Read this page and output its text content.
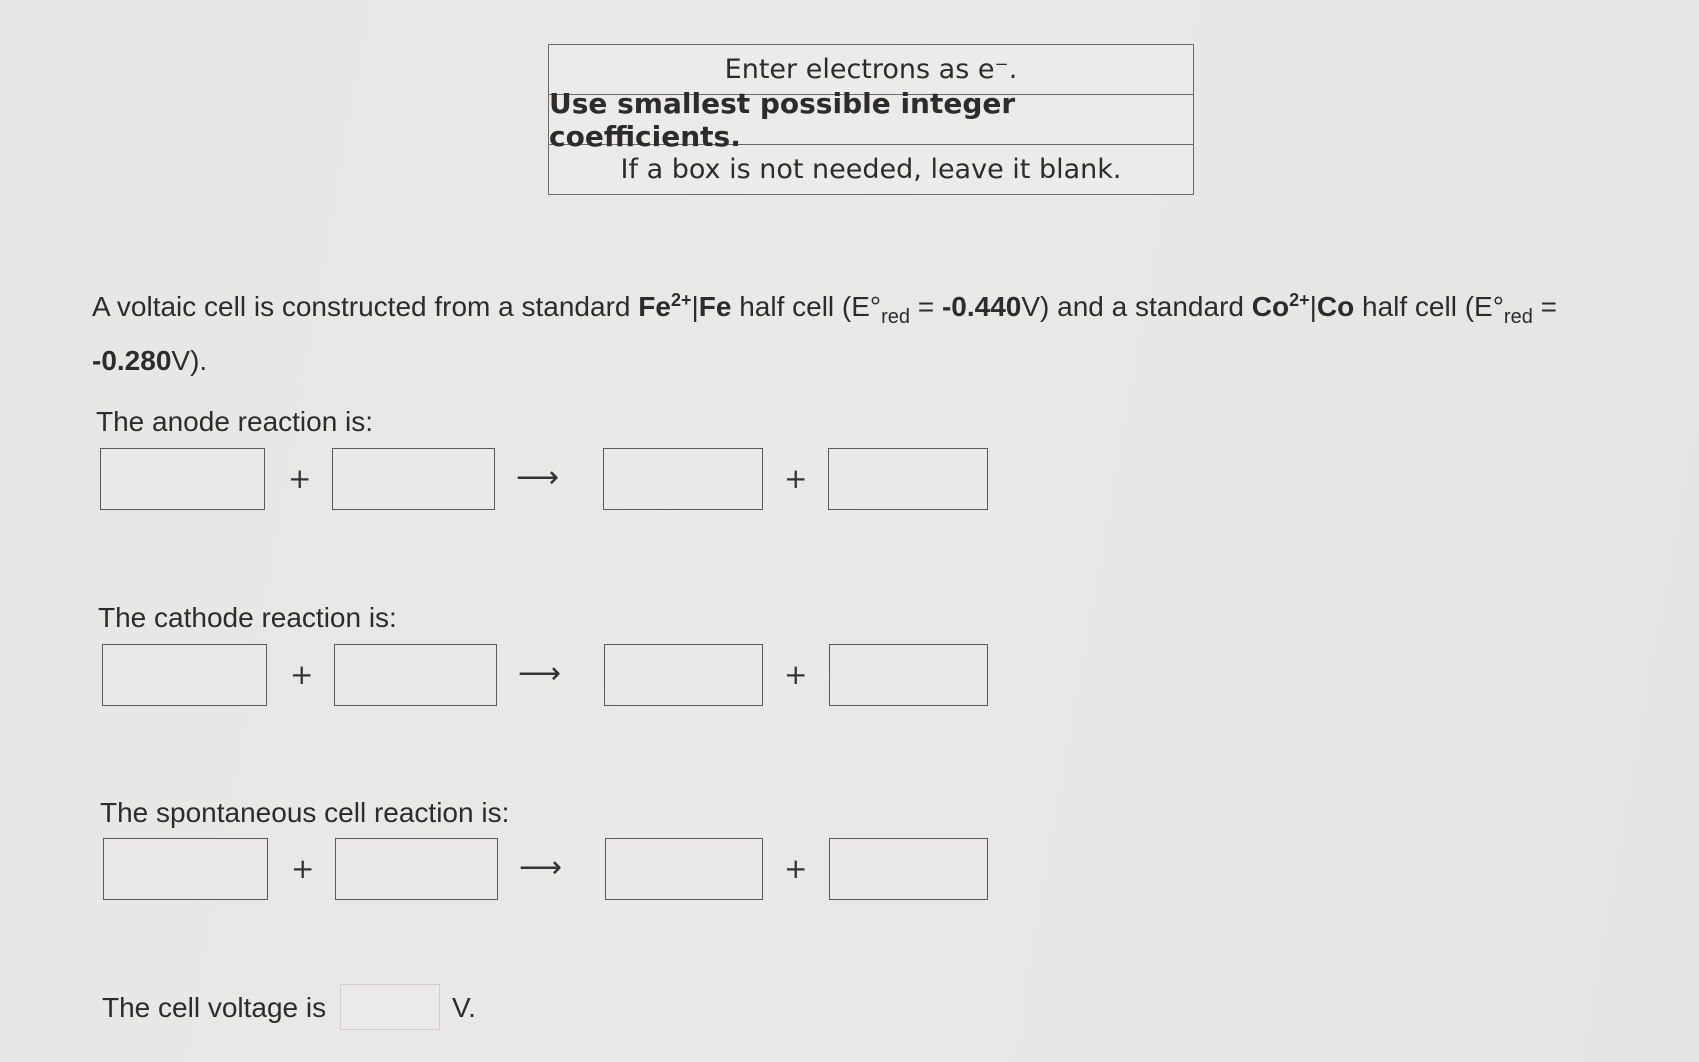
Enter electrons as e⁻.
Use smallest possible integer coefficients.
If a box is not needed, leave it blank.
A voltaic cell is constructed from a standard $Fe^{2+}|Fe$ half cell $(E^\circ_{red} = -0.440V)$ and a standard $Co^{2+}|Co$ half cell $(E^\circ_{red} = -0.280V)$.
The anode reaction is:
+	⟶	+
The cathode reaction is:
+	⟶	+
The spontaneous cell reaction is:
+	⟶	+
The cell voltage is	V.
